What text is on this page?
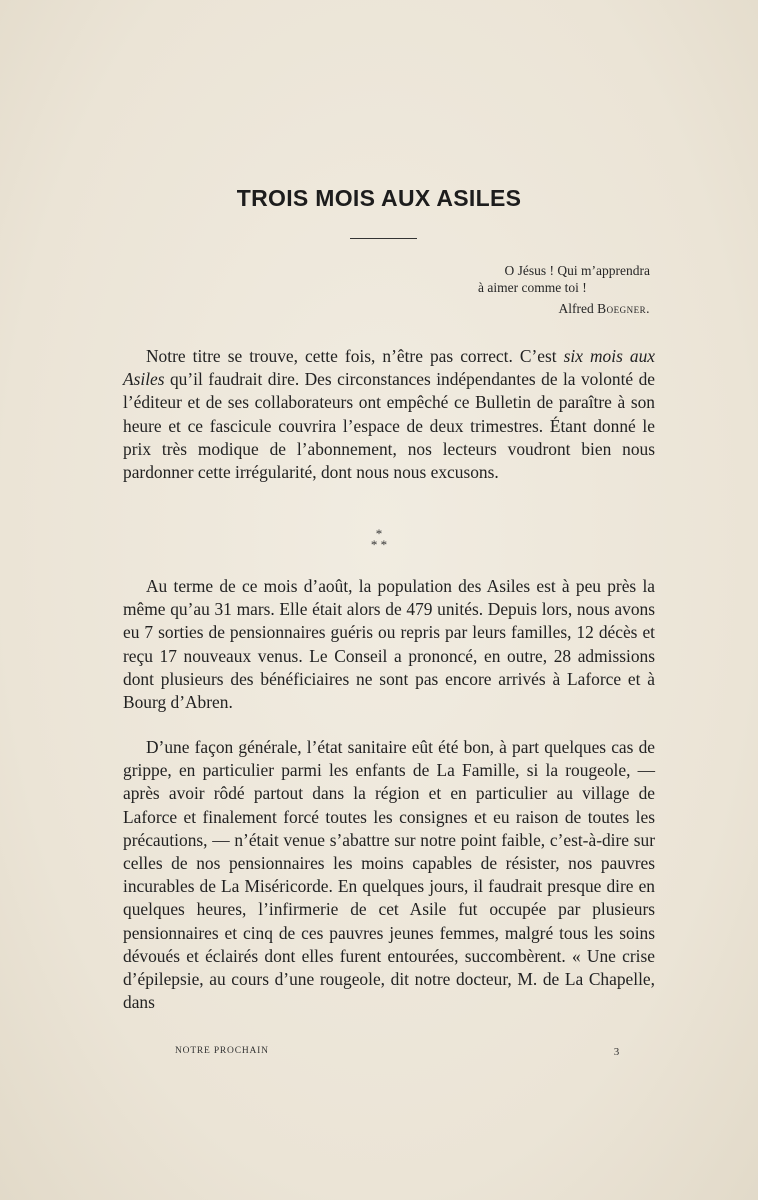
TROIS MOIS AUX ASILES
O Jésus ! Qui m’apprendra
à aimer comme toi !
Alfred Boegner.

Notre titre se trouve, cette fois, n’être pas correct. C’est six mois aux Asiles qu’il faudrait dire. Des circonstances indépendantes de la volonté de l’éditeur et de ses collaborateurs ont empêché ce Bulletin de paraître à son heure et ce fascicule couvrira l’espace de deux trimestres. Étant donné le prix très modique de l’abonnement, nos lecteurs voudront bien nous pardonner cette irrégularité, dont nous nous excusons.

*
* *

Au terme de ce mois d’août, la population des Asiles est à peu près la même qu’au 31 mars. Elle était alors de 479 unités. Depuis lors, nous avons eu 7 sorties de pensionnaires guéris ou repris par leurs familles, 12 décès et reçu 17 nouveaux venus. Le Conseil a prononcé, en outre, 28 admissions dont plusieurs des bénéficiaires ne sont pas encore arrivés à Laforce et à Bourg d’Abren.

D’une façon générale, l’état sanitaire eût été bon, à part quelques cas de grippe, en particulier parmi les enfants de La Famille, si la rougeole, — après avoir rôdé partout dans la région et en particulier au village de Laforce et finalement forcé toutes les consignes et eu raison de toutes les précautions, — n’était venue s’abattre sur notre point faible, c’est-à-dire sur celles de nos pensionnaires les moins capables de résister, nos pauvres incurables de La Miséricorde. En quelques jours, il faudrait presque dire en quelques heures, l’infirmerie de cet Asile fut occupée par plusieurs pensionnaires et cinq de ces pauvres jeunes femmes, malgré tous les soins dévoués et éclairés dont elles furent entourées, succombèrent. « Une crise d’épilepsie, au cours d’une rougeole, dit notre docteur, M. de La Chapelle, dans

NOTRE PROCHAIN	3
